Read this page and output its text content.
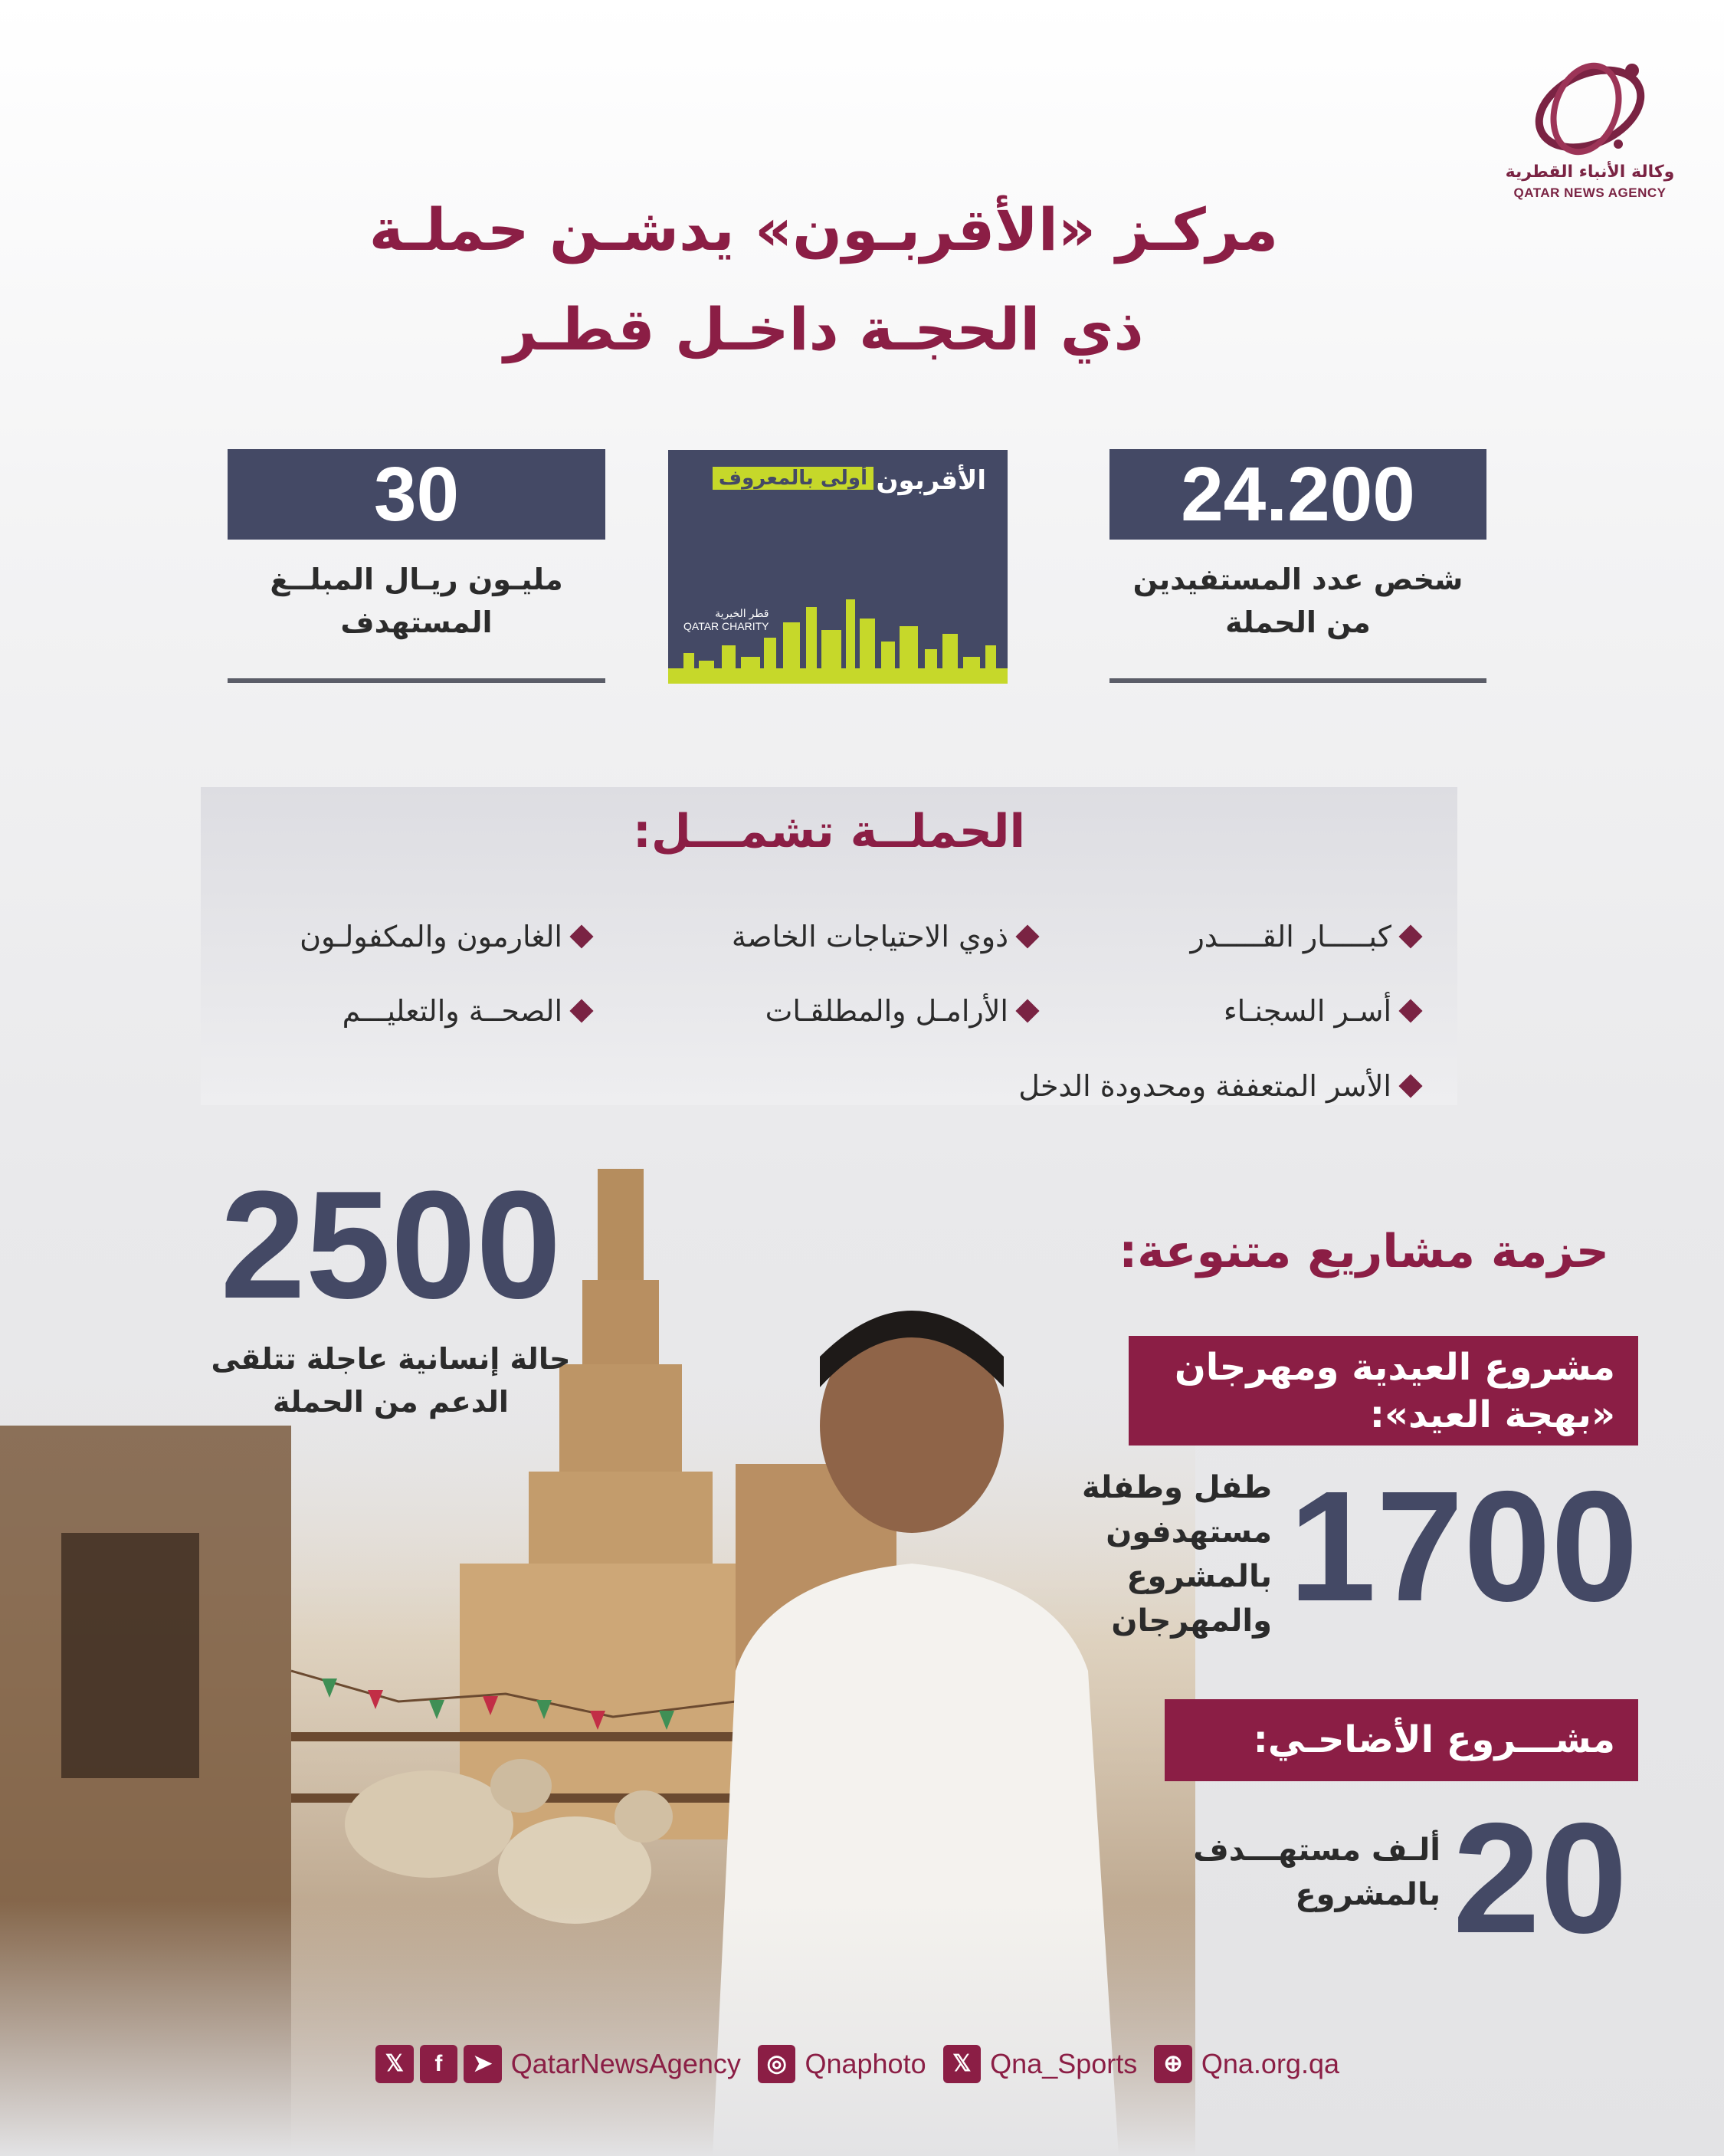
وكالة الأنباء القطرية
QATAR NEWS AGENCY
مركـز «الأقربـون» يدشـن حملـة
ذي الحجـة داخـل قطـر
24.200
شخص عدد المستفيدين
من الحملة
30
مليـون ريـال المبلــغ
المستهدف
أولى بالمعروف الأقربون
قطر الخيرية
QATAR CHARITY
الحملــة تشمـــل:
كبـــــار القـــــدر
ذوي الاحتياجات الخاصة
الغارمون والمكفولـون
أسـر السجنـاء
الأرامـل والمطلقـات
الصحــة والتعليـــم
الأسر المتعففة ومحدودة الدخل
2500
حالة إنسانية عاجلة تتلقى
الدعم من الحملة
حزمة مشاريع متنوعة:
مشروع العيدية ومهرجان
«بهجة العيد»:
1700
طفل وطفلة
مستهدفون
بالمشروع والمهرجان
مشـــروع الأضاحـي:
20
ألـف مستهـــدف
بالمشروع
𝕏	f	➤ QatarNewsAgency	◎ Qnaphoto	𝕏 Qna_Sports	⊕ Qna.org.qa
